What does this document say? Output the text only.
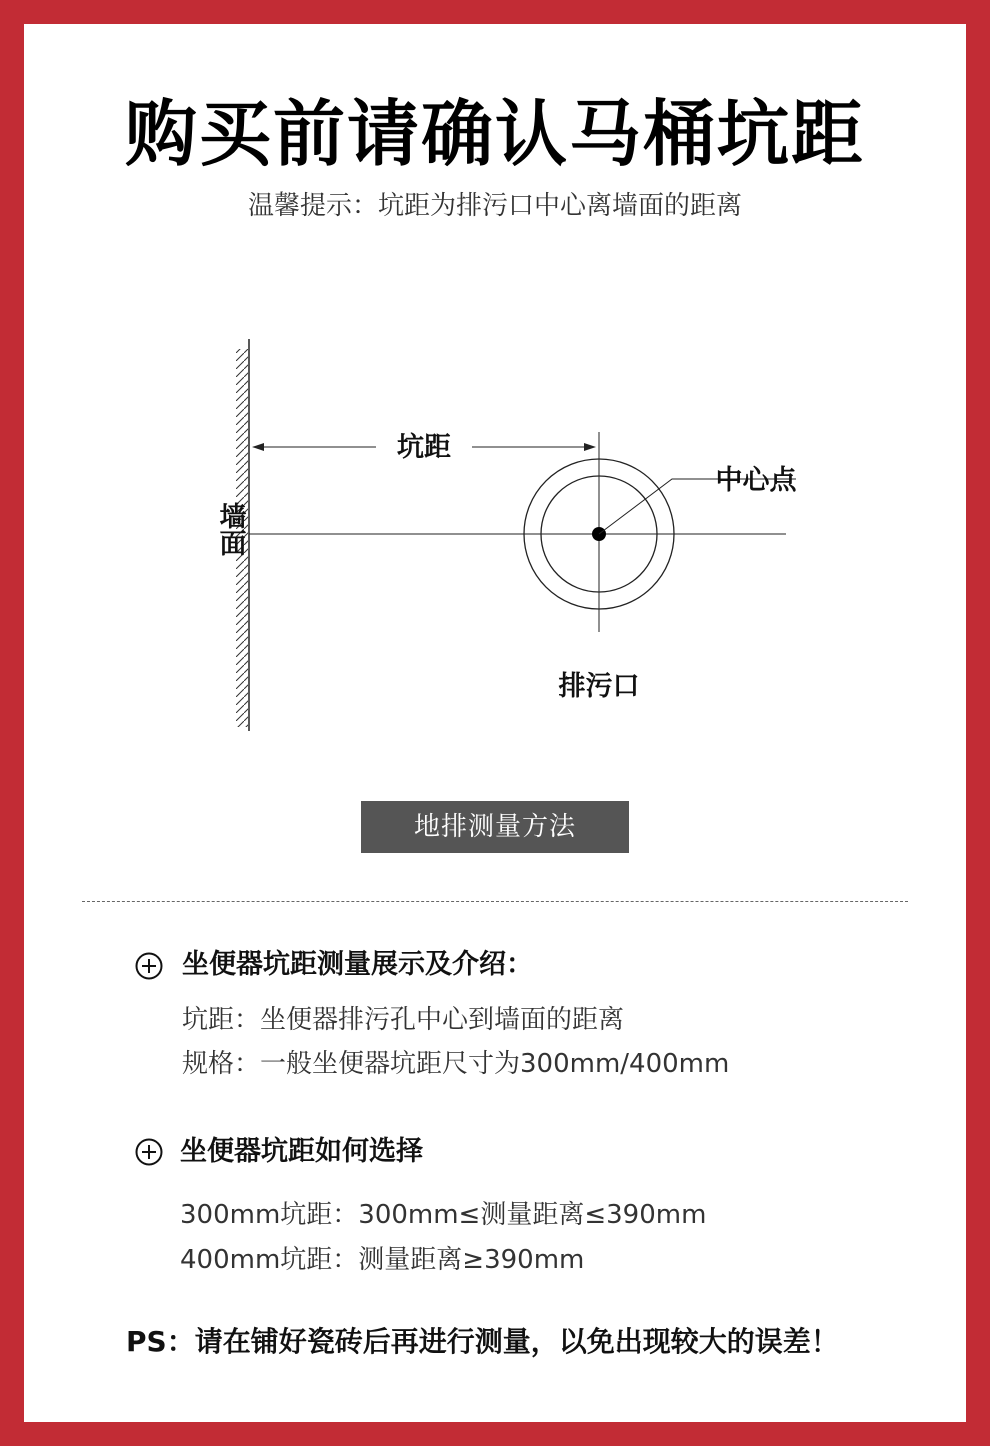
购买前请确认马桶坑距
温馨提示：坑距为排污口中心离墙面的距离
坑距
中心点
排污口
墙面
地排测量方法
坐便器坑距测量展示及介绍：
坑距：坐便器排污孔中心到墙面的距离
规格：一般坐便器坑距尺寸为300mm/400mm
坐便器坑距如何选择
300mm坑距：300mm≤测量距离≤390mm
400mm坑距：测量距离≥390mm
PS：请在铺好瓷砖后再进行测量，以免出现较大的误差！
